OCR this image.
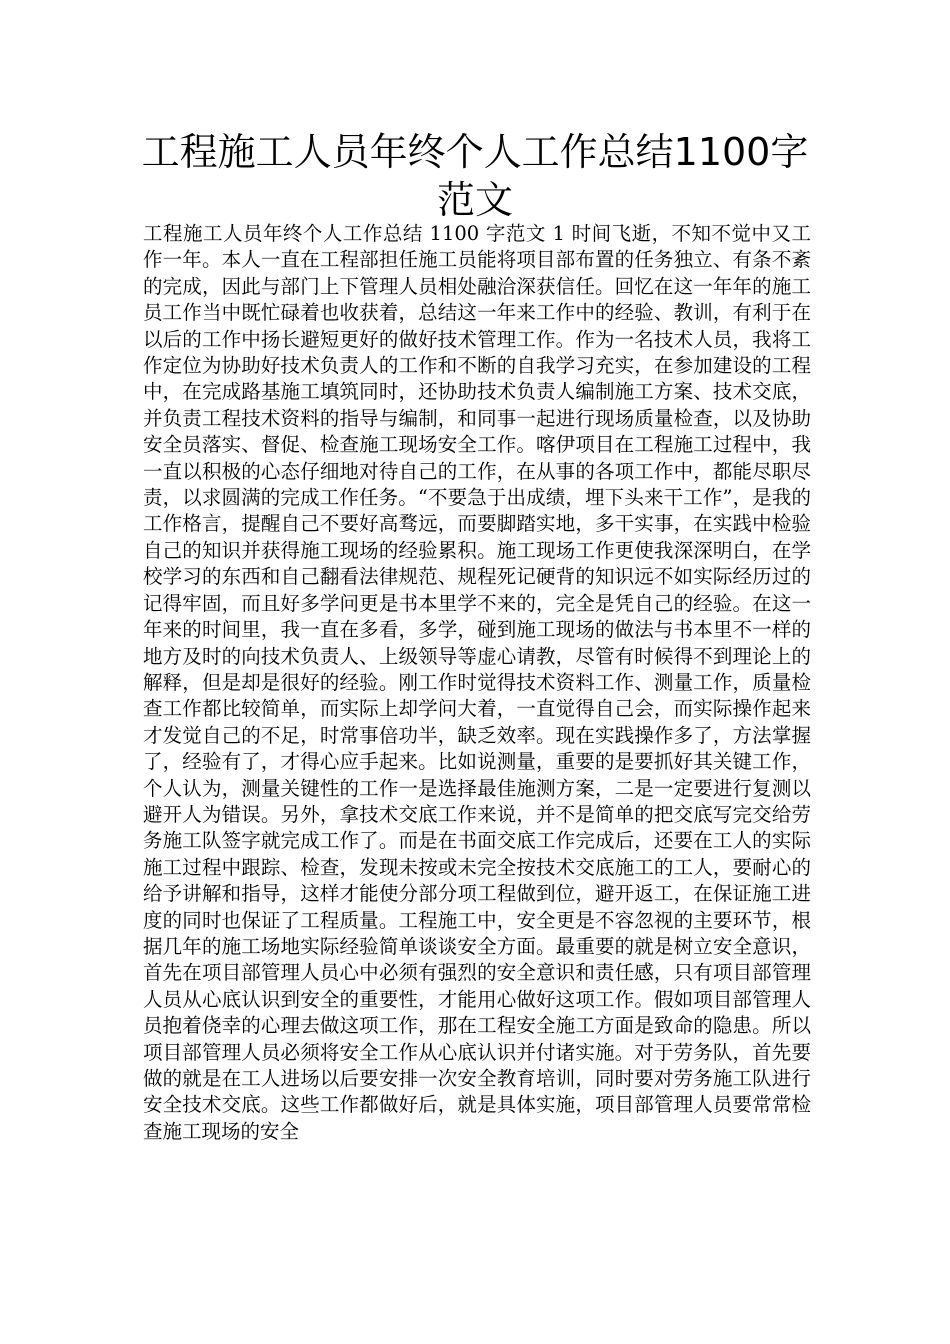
工程施工人员年终个人工作总结1100字范文

工程施工人员年终个人工作总结 1100 字范文 1 时间飞逝，不知不觉中又工作一年。本人一直在工程部担任施工员能将项目部布置的任务独立、有条不紊的完成，因此与部门上下管理人员相处融洽深获信任。回忆在这一年年的施工员工作当中既忙碌着也收获着，总结这一年来工作中的经验、教训，有利于在以后的工作中扬长避短更好的做好技术管理工作。作为一名技术人员，我将工作定位为协助好技术负责人的工作和不断的自我学习充实，在参加建设的工程中，在完成路基施工填筑同时，还协助技术负责人编制施工方案、技术交底，并负责工程技术资料的指导与编制，和同事一起进行现场质量检查，以及协助安全员落实、督促、检查施工现场安全工作。喀伊项目在工程施工过程中，我一直以积极的心态仔细地对待自己的工作，在从事的各项工作中，都能尽职尽责，以求圆满的完成工作任务。“不要急于出成绩，埋下头来干工作”，是我的工作格言，提醒自己不要好高骛远，而要脚踏实地，多干实事，在实践中检验自己的知识并获得施工现场的经验累积。施工现场工作更使我深深明白，在学校学习的东西和自己翻看法律规范、规程死记硬背的知识远不如实际经历过的记得牢固，而且好多学问更是书本里学不来的，完全是凭自己的经验。在这一年来的时间里，我一直在多看，多学，碰到施工现场的做法与书本里不一样的地方及时的向技术负责人、上级领导等虚心请教，尽管有时候得不到理论上的解释，但是却是很好的经验。刚工作时觉得技术资料工作、测量工作，质量检查工作都比较简单，而实际上却学问大着，一直觉得自己会，而实际操作起来才发觉自己的不足，时常事倍功半，缺乏效率。现在实践操作多了，方法掌握了，经验有了，才得心应手起来。比如说测量，重要的是要抓好其关键工作，个人认为，测量关键性的工作一是选择最佳施测方案，二是一定要进行复测以避开人为错误。另外，拿技术交底工作来说，并不是简单的把交底写完交给劳务施工队签字就完成工作了。而是在书面交底工作完成后，还要在工人的实际施工过程中跟踪、检查，发现未按或未完全按技术交底施工的工人，要耐心的给予讲解和指导，这样才能使分部分项工程做到位，避开返工，在保证施工进度的同时也保证了工程质量。工程施工中，安全更是不容忽视的主要环节，根据几年的施工场地实际经验简单谈谈安全方面。最重要的就是树立安全意识，首先在项目部管理人员心中必须有强烈的安全意识和责任感，只有项目部管理人员从心底认识到安全的重要性，才能用心做好这项工作。假如项目部管理人员抱着侥幸的心理去做这项工作，那在工程安全施工方面是致命的隐患。所以项目部管理人员必须将安全工作从心底认识并付诸实施。对于劳务队，首先要做的就是在工人进场以后要安排一次安全教育培训，同时要对劳务施工队进行安全技术交底。这些工作都做好后，就是具体实施，项目部管理人员要常常检查施工现场的安全
